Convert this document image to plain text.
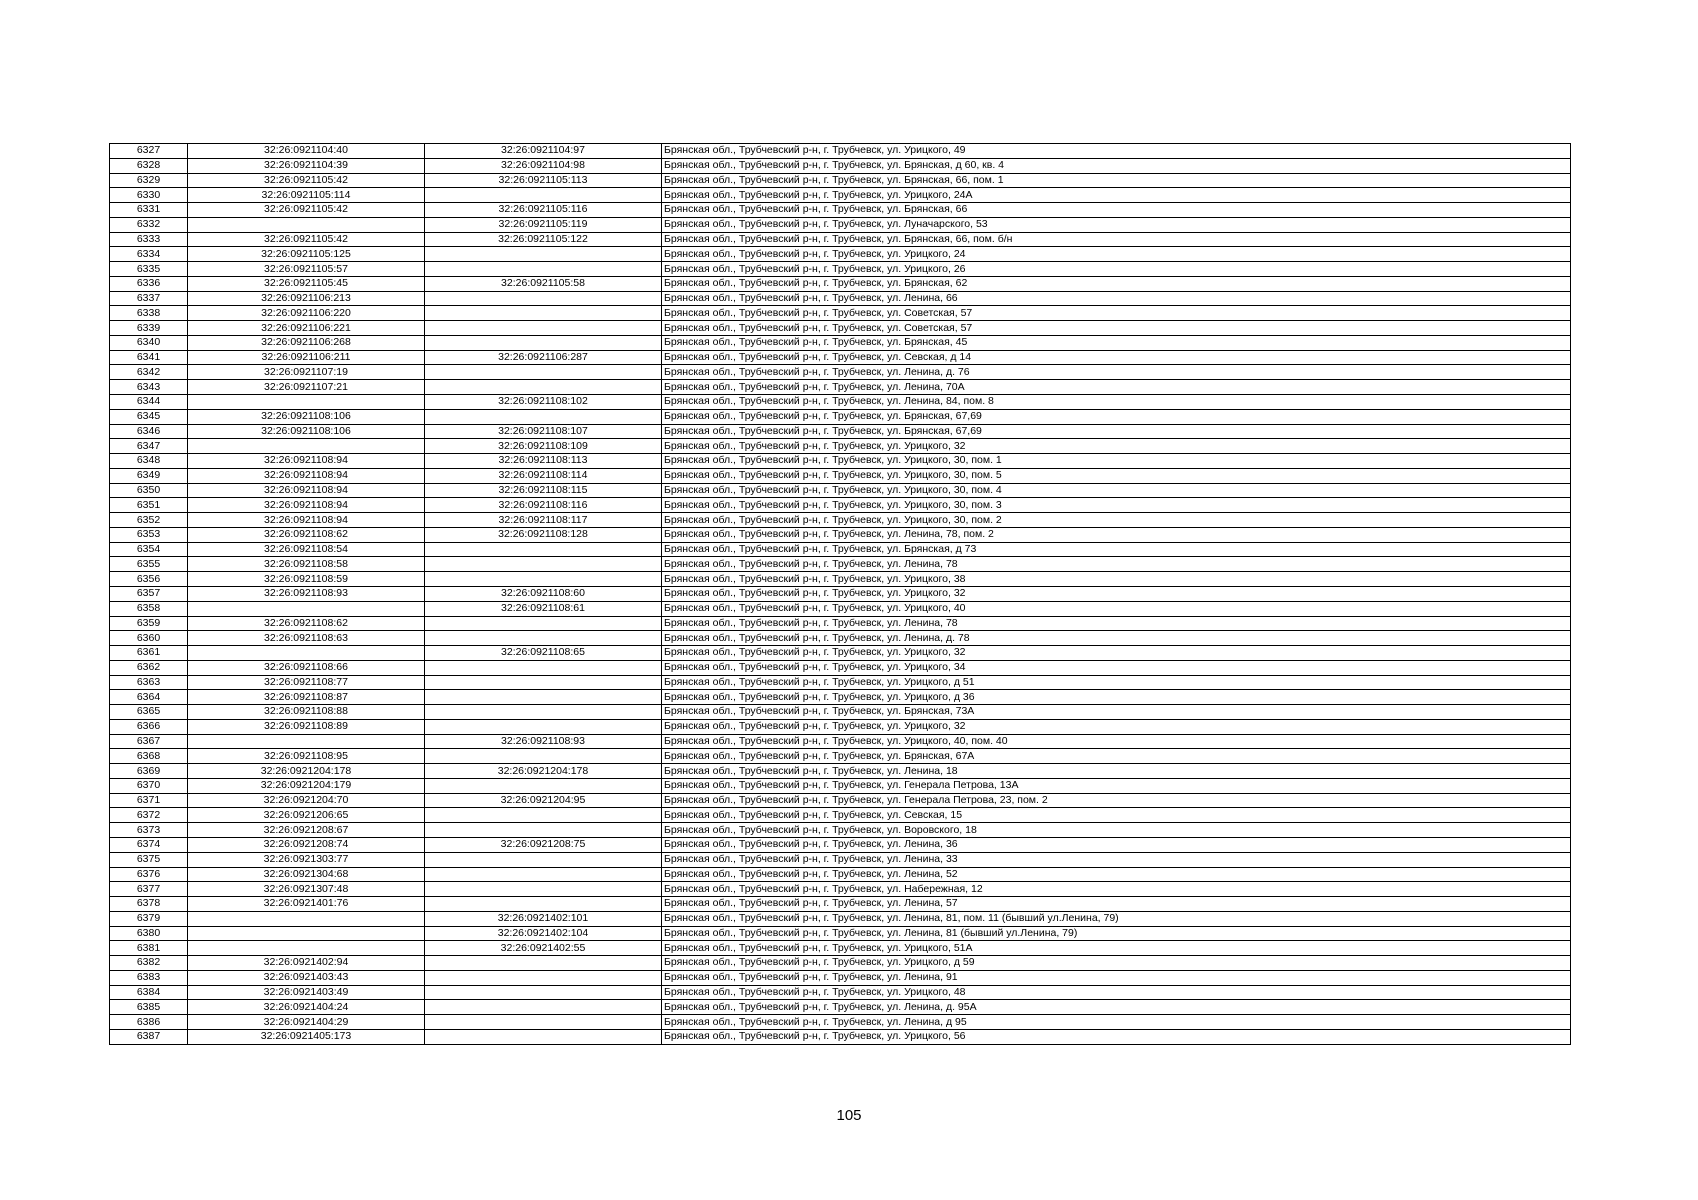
6327	32:26:0921104:40	32:26:0921104:97	Брянская обл., Трубчевский р-н, г. Трубчевск, ул. Урицкого, 49
6328	32:26:0921104:39	32:26:0921104:98	Брянская обл., Трубчевский р-н, г. Трубчевск, ул. Брянская, д 60, кв. 4
6329	32:26:0921105:42	32:26:0921105:113	Брянская обл., Трубчевский р-н, г. Трубчевск, ул. Брянская, 66, пом. 1
6330	32:26:0921105:114		Брянская обл., Трубчевский р-н, г. Трубчевск, ул. Урицкого, 24А
6331	32:26:0921105:42	32:26:0921105:116	Брянская обл., Трубчевский р-н, г. Трубчевск, ул. Брянская, 66
6332		32:26:0921105:119	Брянская обл., Трубчевский р-н, г. Трубчевск, ул. Луначарского, 53
6333	32:26:0921105:42	32:26:0921105:122	Брянская обл., Трубчевский р-н, г. Трубчевск, ул. Брянская, 66, пом. б/н
6334	32:26:0921105:125		Брянская обл., Трубчевский р-н, г. Трубчевск, ул. Урицкого, 24
6335	32:26:0921105:57		Брянская обл., Трубчевский р-н, г. Трубчевск, ул. Урицкого, 26
6336	32:26:0921105:45	32:26:0921105:58	Брянская обл., Трубчевский р-н, г. Трубчевск, ул. Брянская, 62
6337	32:26:0921106:213		Брянская обл., Трубчевский р-н, г. Трубчевск, ул. Ленина, 66
6338	32:26:0921106:220		Брянская обл., Трубчевский р-н, г. Трубчевск, ул. Советская, 57
6339	32:26:0921106:221		Брянская обл., Трубчевский р-н, г. Трубчевск, ул. Советская, 57
6340	32:26:0921106:268		Брянская обл., Трубчевский р-н, г. Трубчевск, ул. Брянская, 45
6341	32:26:0921106:211	32:26:0921106:287	Брянская обл., Трубчевский р-н, г. Трубчевск, ул. Севская, д 14
6342	32:26:0921107:19		Брянская обл., Трубчевский р-н, г. Трубчевск, ул. Ленина, д. 76
6343	32:26:0921107:21		Брянская обл., Трубчевский р-н, г. Трубчевск, ул. Ленина, 70А
6344		32:26:0921108:102	Брянская обл., Трубчевский р-н, г. Трубчевск, ул. Ленина, 84, пом. 8
6345	32:26:0921108:106		Брянская обл., Трубчевский р-н, г. Трубчевск, ул. Брянская, 67,69
6346	32:26:0921108:106	32:26:0921108:107	Брянская обл., Трубчевский р-н, г. Трубчевск, ул. Брянская, 67,69
6347		32:26:0921108:109	Брянская обл., Трубчевский р-н, г. Трубчевск, ул. Урицкого, 32
6348	32:26:0921108:94	32:26:0921108:113	Брянская обл., Трубчевский р-н, г. Трубчевск, ул. Урицкого, 30, пом. 1
6349	32:26:0921108:94	32:26:0921108:114	Брянская обл., Трубчевский р-н, г. Трубчевск, ул. Урицкого, 30, пом. 5
6350	32:26:0921108:94	32:26:0921108:115	Брянская обл., Трубчевский р-н, г. Трубчевск, ул. Урицкого, 30, пом. 4
6351	32:26:0921108:94	32:26:0921108:116	Брянская обл., Трубчевский р-н, г. Трубчевск, ул. Урицкого, 30, пом. 3
6352	32:26:0921108:94	32:26:0921108:117	Брянская обл., Трубчевский р-н, г. Трубчевск, ул. Урицкого, 30, пом. 2
6353	32:26:0921108:62	32:26:0921108:128	Брянская обл., Трубчевский р-н, г. Трубчевск, ул. Ленина, 78, пом. 2
6354	32:26:0921108:54		Брянская обл., Трубчевский р-н, г. Трубчевск, ул. Брянская, д 73
6355	32:26:0921108:58		Брянская обл., Трубчевский р-н, г. Трубчевск, ул. Ленина, 78
6356	32:26:0921108:59		Брянская обл., Трубчевский р-н, г. Трубчевск, ул. Урицкого, 38
6357	32:26:0921108:93	32:26:0921108:60	Брянская обл., Трубчевский р-н, г. Трубчевск, ул. Урицкого, 32
6358		32:26:0921108:61	Брянская обл., Трубчевский р-н, г. Трубчевск, ул. Урицкого, 40
6359	32:26:0921108:62		Брянская обл., Трубчевский р-н, г. Трубчевск, ул. Ленина, 78
6360	32:26:0921108:63		Брянская обл., Трубчевский р-н, г. Трубчевск, ул. Ленина, д. 78
6361		32:26:0921108:65	Брянская обл., Трубчевский р-н, г. Трубчевск, ул. Урицкого, 32
6362	32:26:0921108:66		Брянская обл., Трубчевский р-н, г. Трубчевск, ул. Урицкого, 34
6363	32:26:0921108:77		Брянская обл., Трубчевский р-н, г. Трубчевск, ул. Урицкого, д 51
6364	32:26:0921108:87		Брянская обл., Трубчевский р-н, г. Трубчевск, ул. Урицкого, д 36
6365	32:26:0921108:88		Брянская обл., Трубчевский р-н, г. Трубчевск, ул. Брянская, 73А
6366	32:26:0921108:89		Брянская обл., Трубчевский р-н, г. Трубчевск, ул. Урицкого, 32
6367		32:26:0921108:93	Брянская обл., Трубчевский р-н, г. Трубчевск, ул. Урицкого, 40, пом. 40
6368	32:26:0921108:95		Брянская обл., Трубчевский р-н, г. Трубчевск, ул. Брянская, 67А
6369	32:26:0921204:178	32:26:0921204:178	Брянская обл., Трубчевский р-н, г. Трубчевск, ул. Ленина, 18
6370	32:26:0921204:179		Брянская обл., Трубчевский р-н, г. Трубчевск, ул. Генерала Петрова, 13А
6371	32:26:0921204:70	32:26:0921204:95	Брянская обл., Трубчевский р-н, г. Трубчевск, ул. Генерала Петрова, 23, пом. 2
6372	32:26:0921206:65		Брянская обл., Трубчевский р-н, г. Трубчевск, ул. Севская, 15
6373	32:26:0921208:67		Брянская обл., Трубчевский р-н, г. Трубчевск, ул. Воровского, 18
6374	32:26:0921208:74	32:26:0921208:75	Брянская обл., Трубчевский р-н, г. Трубчевск, ул. Ленина, 36
6375	32:26:0921303:77		Брянская обл., Трубчевский р-н, г. Трубчевск, ул. Ленина, 33
6376	32:26:0921304:68		Брянская обл., Трубчевский р-н, г. Трубчевск, ул. Ленина, 52
6377	32:26:0921307:48		Брянская обл., Трубчевский р-н, г. Трубчевск, ул. Набережная, 12
6378	32:26:0921401:76		Брянская обл., Трубчевский р-н, г. Трубчевск, ул. Ленина, 57
6379		32:26:0921402:101	Брянская обл., Трубчевский р-н, г. Трубчевск, ул. Ленина, 81, пом. 11 (бывший ул.Ленина, 79)
6380		32:26:0921402:104	Брянская обл., Трубчевский р-н, г. Трубчевск, ул. Ленина, 81 (бывший ул.Ленина, 79)
6381		32:26:0921402:55	Брянская обл., Трубчевский р-н, г. Трубчевск, ул. Урицкого, 51А
6382	32:26:0921402:94		Брянская обл., Трубчевский р-н, г. Трубчевск, ул. Урицкого, д 59
6383	32:26:0921403:43		Брянская обл., Трубчевский р-н, г. Трубчевск, ул. Ленина, 91
6384	32:26:0921403:49		Брянская обл., Трубчевский р-н, г. Трубчевск, ул. Урицкого, 48
6385	32:26:0921404:24		Брянская обл., Трубчевский р-н, г. Трубчевск, ул. Ленина, д. 95А
6386	32:26:0921404:29		Брянская обл., Трубчевский р-н, г. Трубчевск, ул. Ленина, д 95
6387	32:26:0921405:173		Брянская обл., Трубчевский р-н, г. Трубчевск, ул. Урицкого, 56
105
